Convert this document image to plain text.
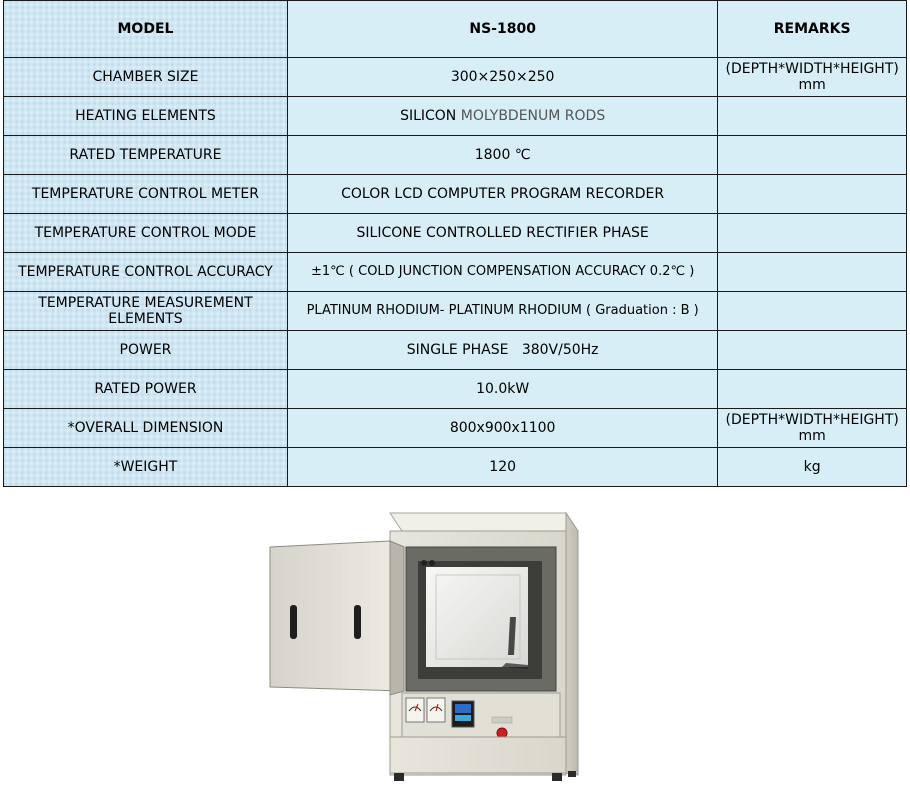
MODEL	NS-1800	REMARKS
CHAMBER SIZE	300×250×250	(DEPTH*WIDTH*HEIGHT) mm
HEATING ELEMENTS	SILICON MOLYBDENUM RODS	
RATED TEMPERATURE	1800 ℃	
TEMPERATURE CONTROL METER	COLOR LCD COMPUTER PROGRAM RECORDER	
TEMPERATURE CONTROL MODE	SILICONE CONTROLLED RECTIFIER PHASE	
TEMPERATURE CONTROL ACCURACY	±1℃ ( COLD JUNCTION COMPENSATION ACCURACY 0.2℃ )	
TEMPERATURE MEASUREMENT ELEMENTS	PLATINUM RHODIUM- PLATINUM RHODIUM ( Graduation : B )	
POWER	SINGLE PHASE   380V/50Hz	
RATED POWER	10.0kW	
*OVERALL DIMENSION	800x900x1100	(DEPTH*WIDTH*HEIGHT) mm
*WEIGHT	120	kg
